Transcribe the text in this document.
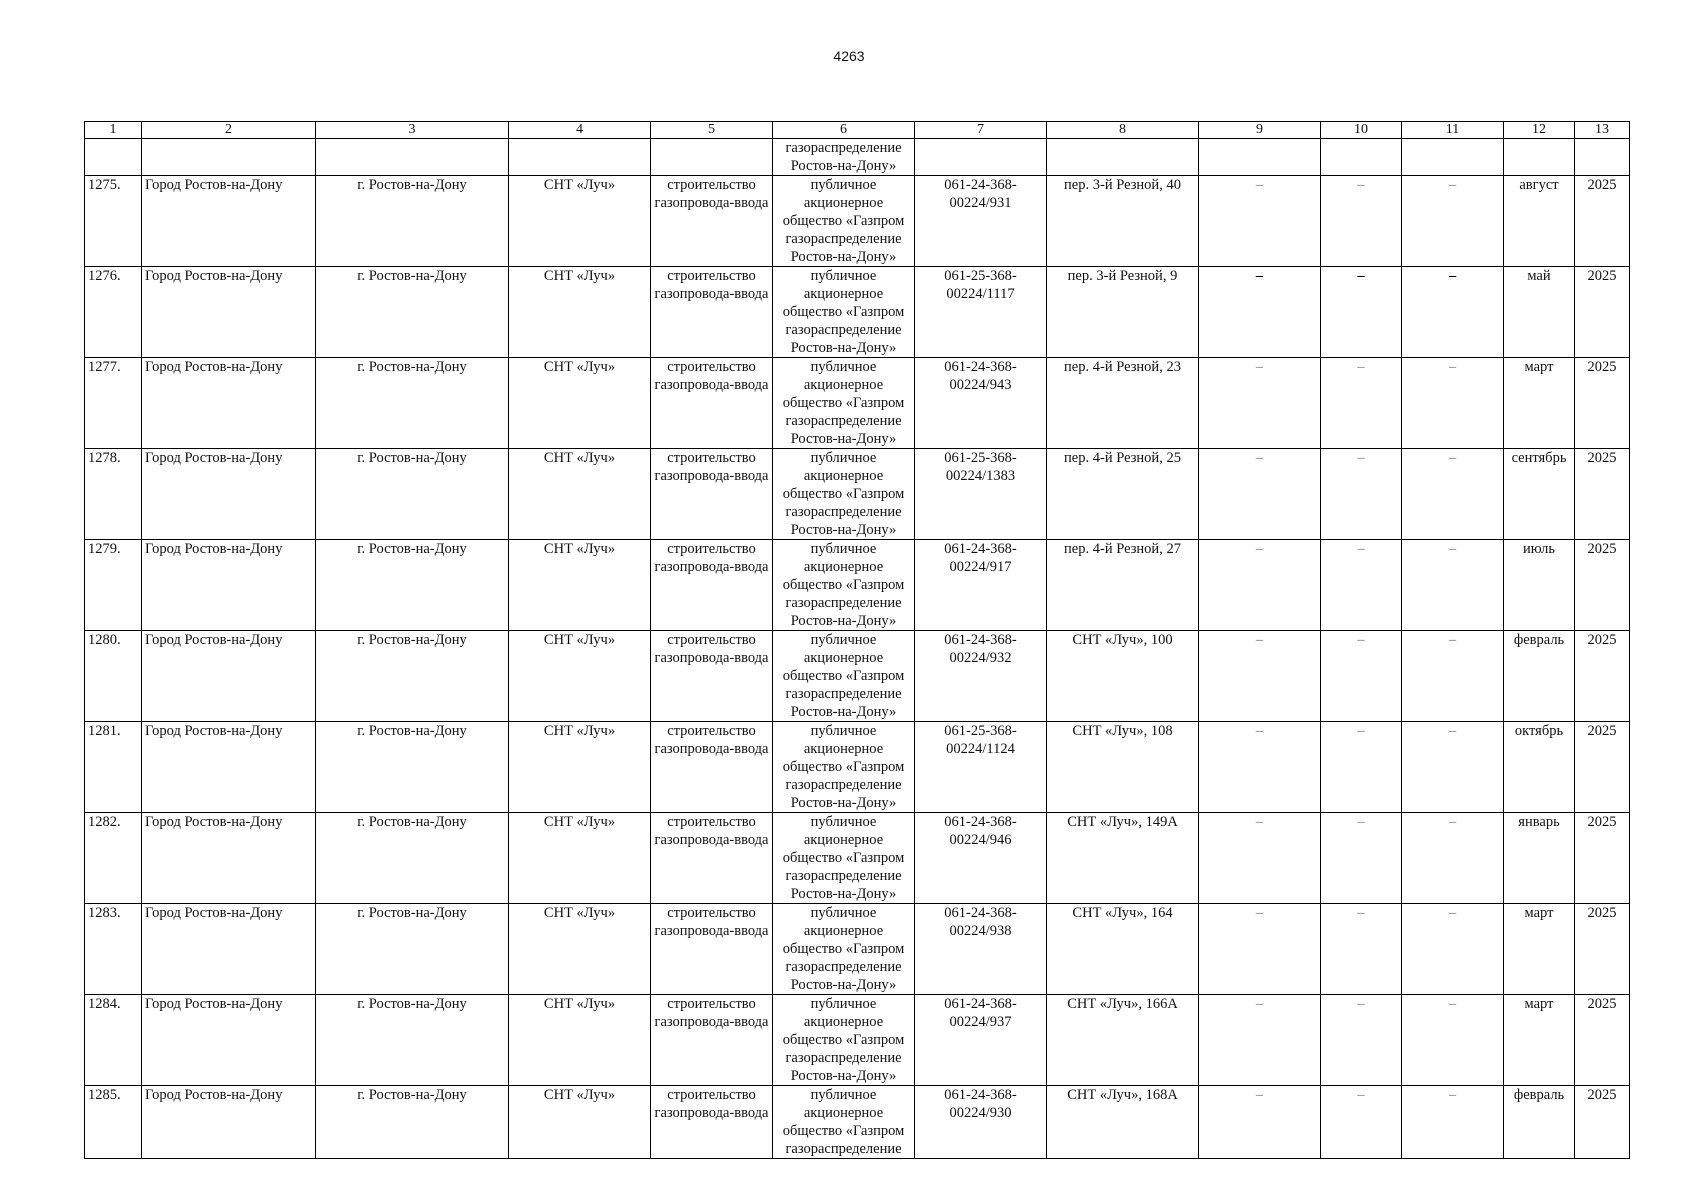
4263
1	2	3	4	5	6	7	8	9	10	11	12	13
					газораспределение Ростов-на-Дону»							
1275.	Город Ростов-на-Дону	г. Ростов-на-Дону	СНТ «Луч»	строительство газопровода-ввода	публичное акционерное общество «Газпром газораспределение Ростов-на-Дону»	061-24-368-00224/931	пер. 3-й Резной, 40	–	–	–	август	2025
1276.	Город Ростов-на-Дону	г. Ростов-на-Дону	СНТ «Луч»	строительство газопровода-ввода	публичное акционерное общество «Газпром газораспределение Ростов-на-Дону»	061-25-368-00224/1117	пер. 3-й Резной, 9	–	–	–	май	2025
1277.	Город Ростов-на-Дону	г. Ростов-на-Дону	СНТ «Луч»	строительство газопровода-ввода	публичное акционерное общество «Газпром газораспределение Ростов-на-Дону»	061-24-368-00224/943	пер. 4-й Резной, 23	–	–	–	март	2025
1278.	Город Ростов-на-Дону	г. Ростов-на-Дону	СНТ «Луч»	строительство газопровода-ввода	публичное акционерное общество «Газпром газораспределение Ростов-на-Дону»	061-25-368-00224/1383	пер. 4-й Резной, 25	–	–	–	сентябрь	2025
1279.	Город Ростов-на-Дону	г. Ростов-на-Дону	СНТ «Луч»	строительство газопровода-ввода	публичное акционерное общество «Газпром газораспределение Ростов-на-Дону»	061-24-368-00224/917	пер. 4-й Резной, 27	–	–	–	июль	2025
1280.	Город Ростов-на-Дону	г. Ростов-на-Дону	СНТ «Луч»	строительство газопровода-ввода	публичное акционерное общество «Газпром газораспределение Ростов-на-Дону»	061-24-368-00224/932	СНТ «Луч», 100	–	–	–	февраль	2025
1281.	Город Ростов-на-Дону	г. Ростов-на-Дону	СНТ «Луч»	строительство газопровода-ввода	публичное акционерное общество «Газпром газораспределение Ростов-на-Дону»	061-25-368-00224/1124	СНТ «Луч», 108	–	–	–	октябрь	2025
1282.	Город Ростов-на-Дону	г. Ростов-на-Дону	СНТ «Луч»	строительство газопровода-ввода	публичное акционерное общество «Газпром газораспределение Ростов-на-Дону»	061-24-368-00224/946	СНТ «Луч», 149А	–	–	–	январь	2025
1283.	Город Ростов-на-Дону	г. Ростов-на-Дону	СНТ «Луч»	строительство газопровода-ввода	публичное акционерное общество «Газпром газораспределение Ростов-на-Дону»	061-24-368-00224/938	СНТ «Луч», 164	–	–	–	март	2025
1284.	Город Ростов-на-Дону	г. Ростов-на-Дону	СНТ «Луч»	строительство газопровода-ввода	публичное акционерное общество «Газпром газораспределение Ростов-на-Дону»	061-24-368-00224/937	СНТ «Луч», 166А	–	–	–	март	2025
1285.	Город Ростов-на-Дону	г. Ростов-на-Дону	СНТ «Луч»	строительство газопровода-ввода	публичное акционерное общество «Газпром газораспределение	061-24-368-00224/930	СНТ «Луч», 168А	–	–	–	февраль	2025
